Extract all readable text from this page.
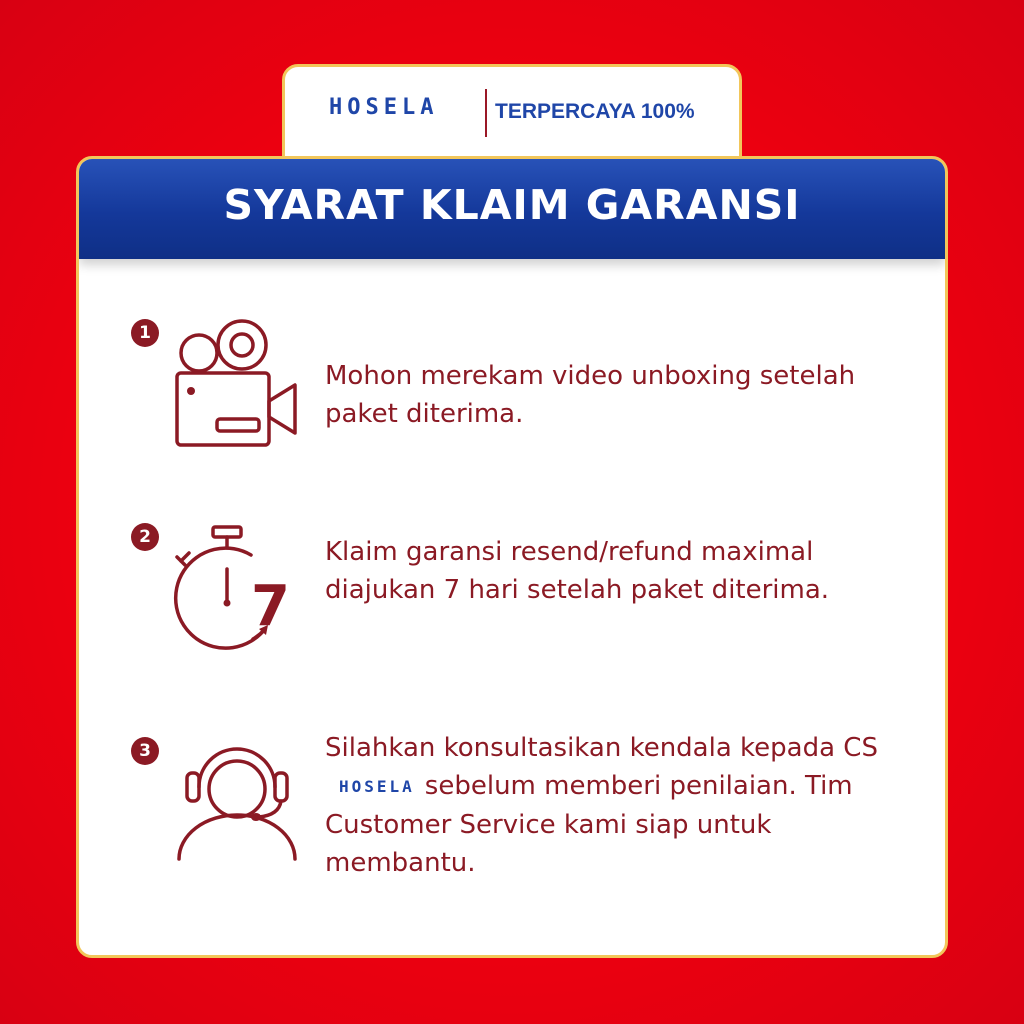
HOSELA	TERPERCAYA 100%
SYARAT KLAIM GARANSI
1
Mohon merekam video unboxing setelah paket diterima.
2
7
Klaim garansi resend/refund maximal diajukan 7 hari setelah paket diterima.
3	Silahkan konsultasikan kendala kepada CSHOSELA sebelum memberi penilaian. Tim Customer Service kami siap untuk membantu.
